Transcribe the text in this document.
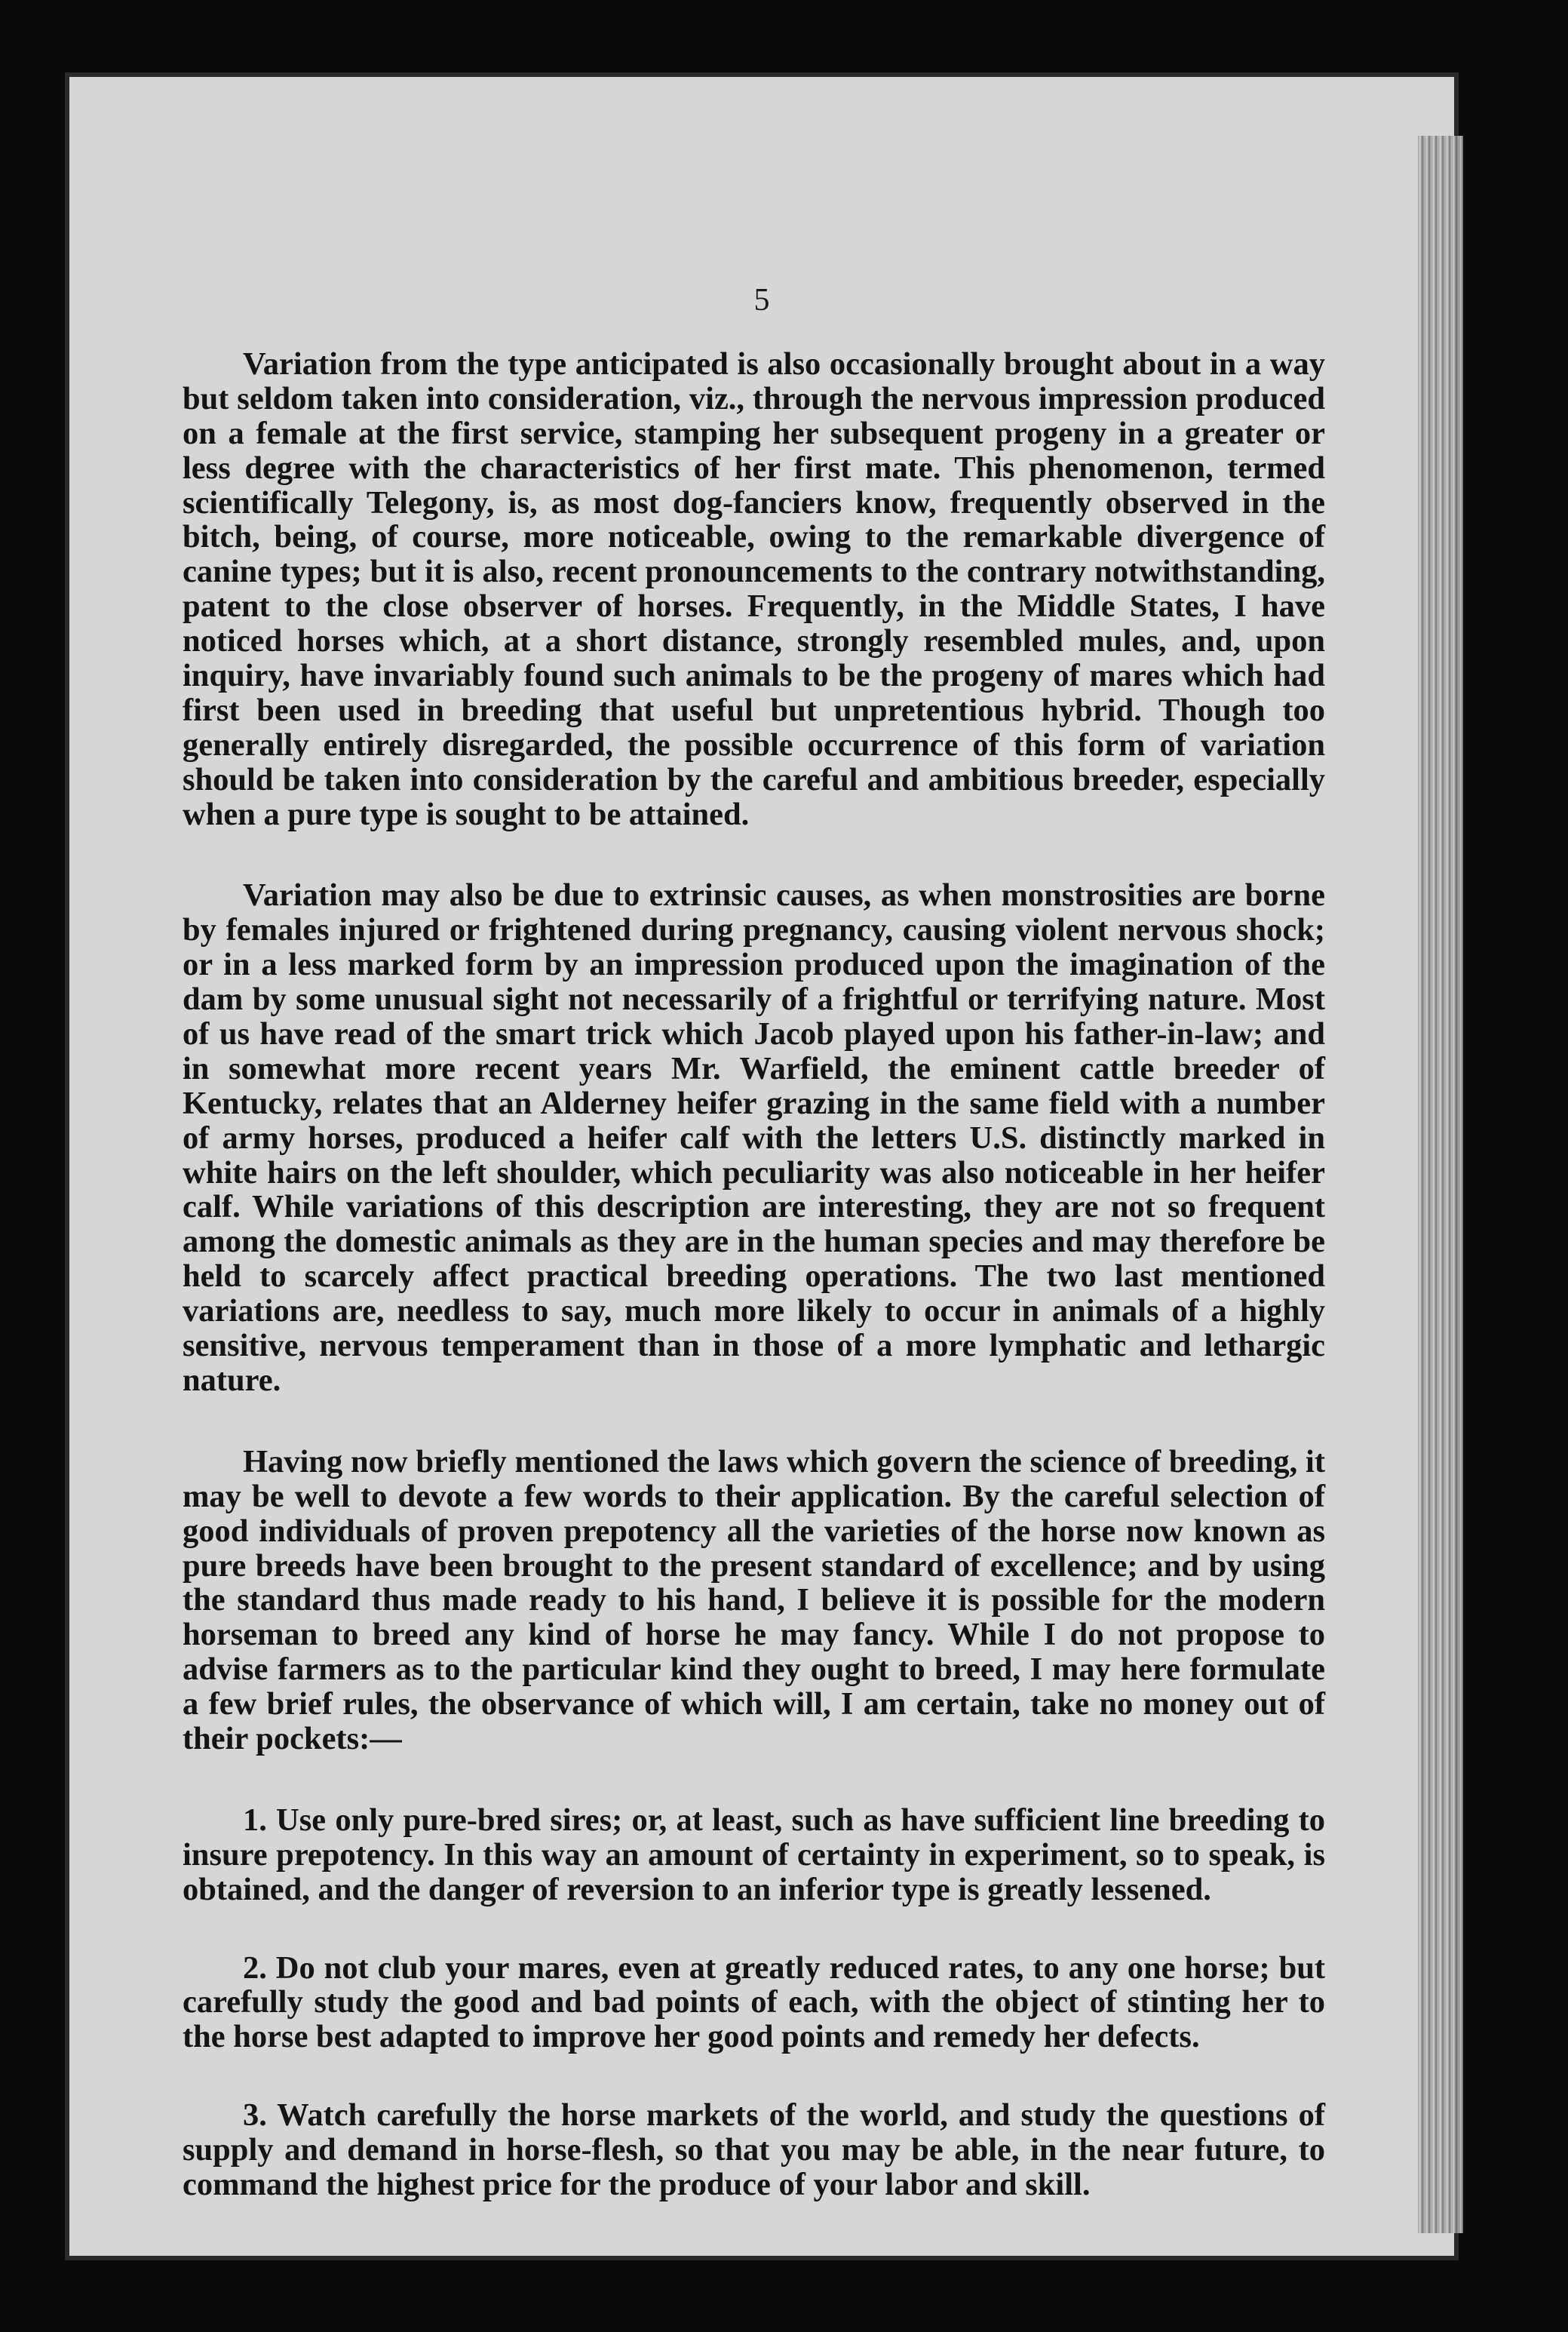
5

Variation from the type anticipated is also occasionally brought about in a way but seldom taken into consideration, viz., through the nervous impression produced on a female at the first service, stamping her subsequent progeny in a greater or less degree with the characteristics of her first mate. This phenomenon, termed scientifically Telegony, is, as most dog-fanciers know, frequently observed in the bitch, being, of course, more noticeable, owing to the remarkable divergence of canine types; but it is also, recent pronouncements to the contrary notwithstanding, patent to the close observer of horses. Frequently, in the Middle States, I have noticed horses which, at a short distance, strongly resembled mules, and, upon inquiry, have invariably found such animals to be the progeny of mares which had first been used in breeding that useful but unpretentious hybrid. Though too generally entirely disregarded, the possible occurrence of this form of variation should be taken into consideration by the careful and ambitious breeder, especially when a pure type is sought to be attained.

Variation may also be due to extrinsic causes, as when monstrosities are borne by females injured or frightened during pregnancy, causing violent nervous shock; or in a less marked form by an impression produced upon the imagination of the dam by some unusual sight not necessarily of a frightful or terrifying nature. Most of us have read of the smart trick which Jacob played upon his father-in-law; and in somewhat more recent years Mr. Warfield, the eminent cattle breeder of Kentucky, relates that an Alderney heifer grazing in the same field with a number of army horses, produced a heifer calf with the letters U.S. distinctly marked in white hairs on the left shoulder, which peculiarity was also noticeable in her heifer calf. While variations of this description are interesting, they are not so frequent among the domestic animals as they are in the human species and may therefore be held to scarcely affect practical breeding operations. The two last mentioned variations are, needless to say, much more likely to occur in animals of a highly sensitive, nervous temperament than in those of a more lymphatic and lethargic nature.

Having now briefly mentioned the laws which govern the science of breeding, it may be well to devote a few words to their application. By the careful selection of good individuals of proven prepotency all the varieties of the horse now known as pure breeds have been brought to the present standard of excellence; and by using the standard thus made ready to his hand, I believe it is possible for the modern horseman to breed any kind of horse he may fancy. While I do not propose to advise farmers as to the particular kind they ought to breed, I may here formulate a few brief rules, the observance of which will, I am certain, take no money out of their pockets:—

1. Use only pure-bred sires; or, at least, such as have sufficient line breeding to insure prepotency. In this way an amount of certainty in experiment, so to speak, is obtained, and the danger of reversion to an inferior type is greatly lessened.

2. Do not club your mares, even at greatly reduced rates, to any one horse; but carefully study the good and bad points of each, with the object of stinting her to the horse best adapted to improve her good points and remedy her defects.

3. Watch carefully the horse markets of the world, and study the questions of supply and demand in horse-flesh, so that you may be able, in the near future, to command the highest price for the produce of your labor and skill.
